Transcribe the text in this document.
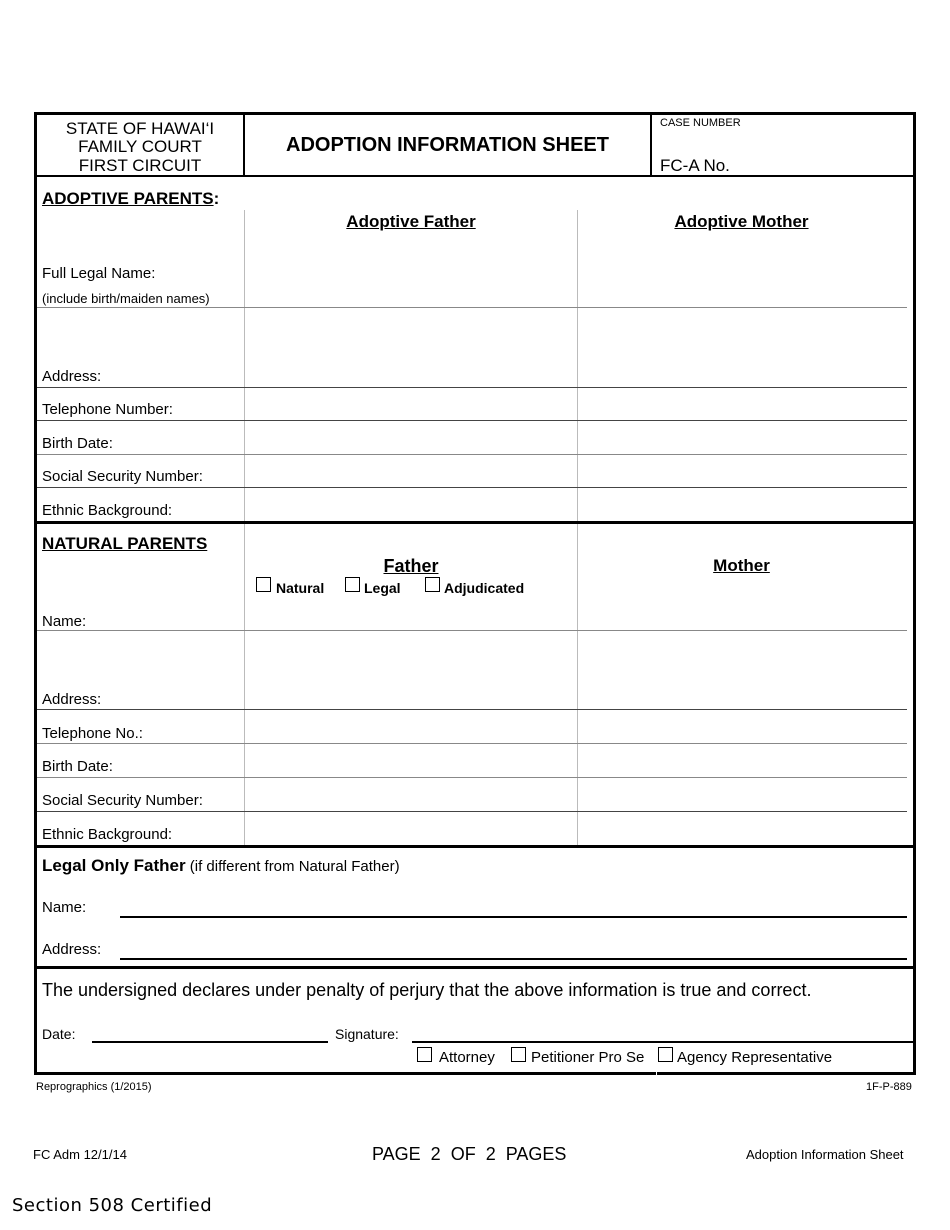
STATE OF HAWAI‘I
FAMILY COURT
FIRST CIRCUIT
ADOPTION INFORMATION SHEET
CASE NUMBER
FC-A No.
ADOPTIVE PARENTS:
Adoptive Father	Adoptive Mother
Full Legal Name:
(include birth/maiden names)
Address:
Telephone Number:
Birth Date:
Social Security Number:
Ethnic Background:
NATURAL PARENTS
Father	Mother
Natural	Legal	Adjudicated
Name:
Address:
Telephone No.:
Birth Date:
Social Security Number:
Ethnic Background:
Legal Only Father (if different from Natural Father)
Name:
Address:
The undersigned declares under penalty of perjury that the above information is true and correct.
Date:	Signature:
Attorney Petitioner Pro Se Agency Representative
Reprographics (1/2015)	1F-P-889
FC Adm 12/1/14	PAGE  2  OF  2  PAGES	Adoption Information Sheet
Section 508 Certified
